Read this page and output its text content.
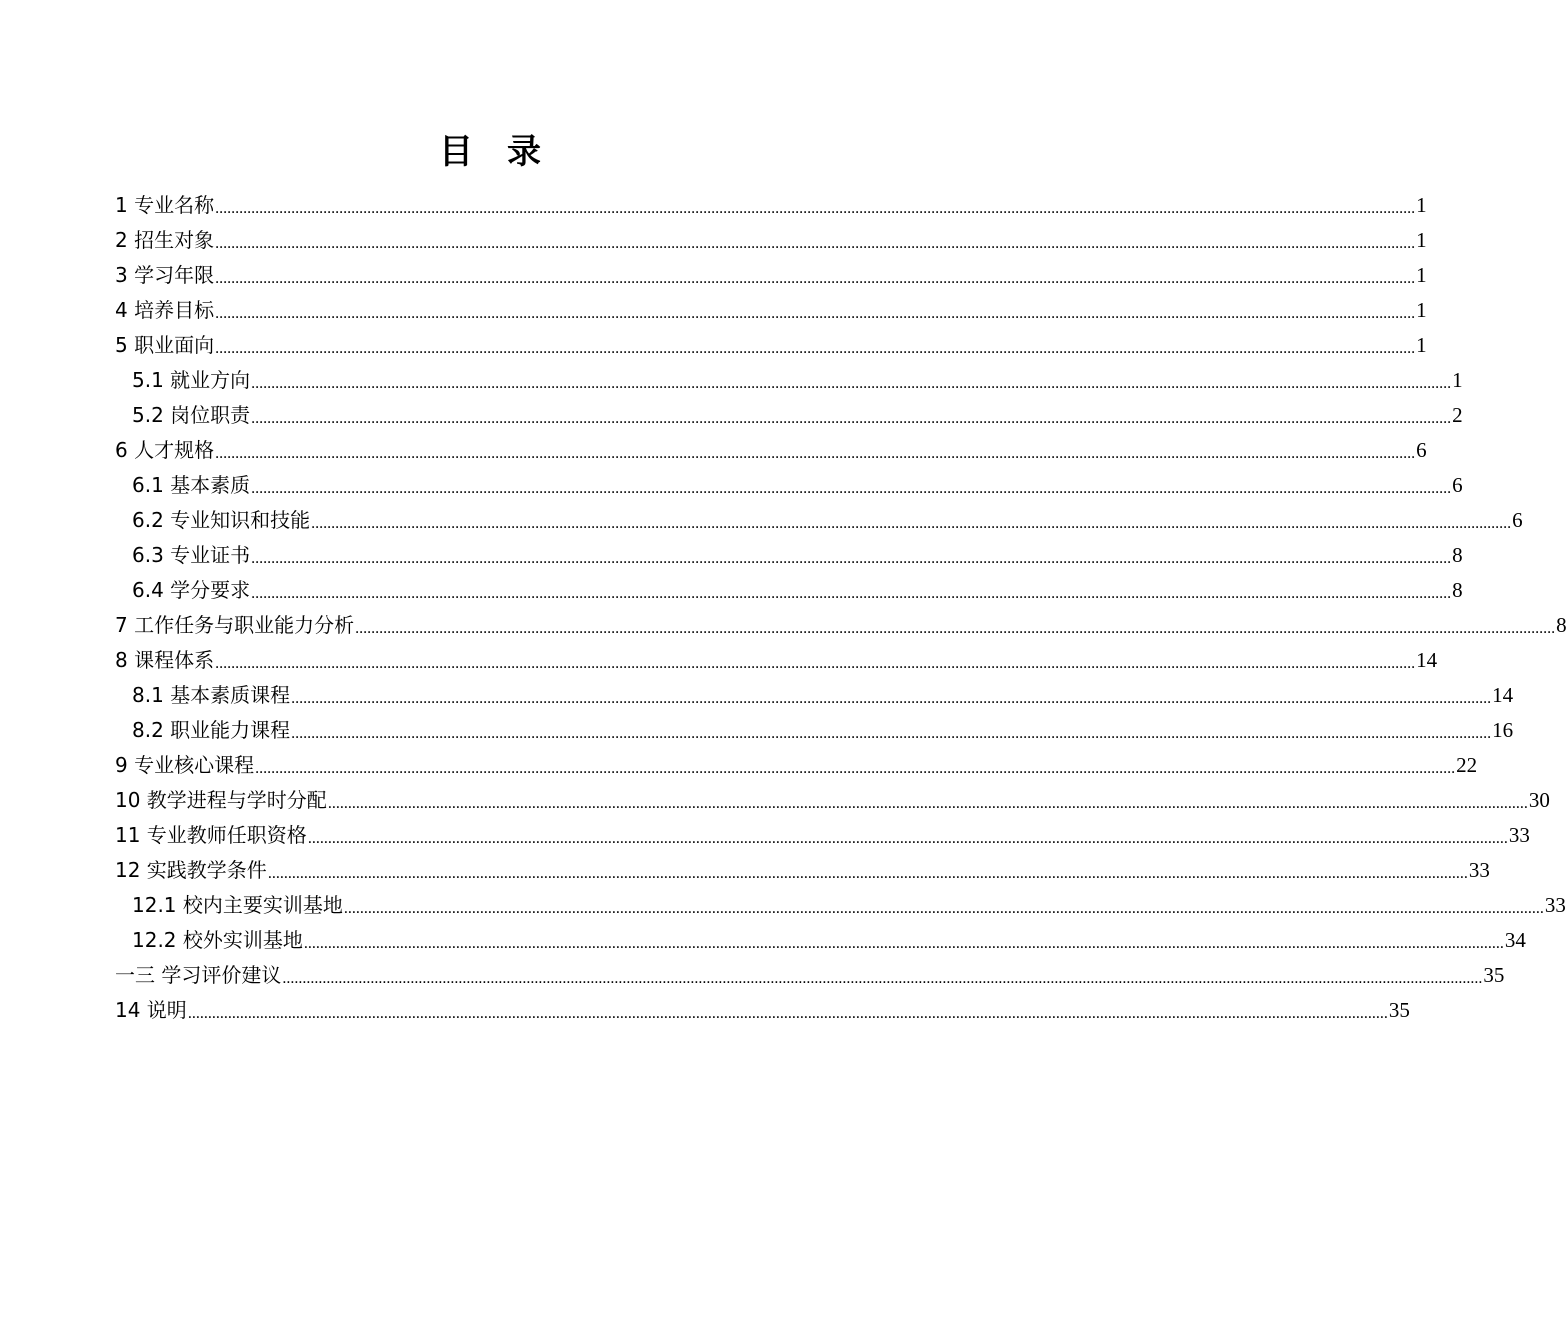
目　录
1 专业名称 ............................................................................................................................................................................................................................................................................................................ 1
2 招生对象 ............................................................................................................................................................................................................................................................................................................ 1
3 学习年限 ............................................................................................................................................................................................................................................................................................................ 1
4 培养目标 ............................................................................................................................................................................................................................................................................................................ 1
5 职业面向 ............................................................................................................................................................................................................................................................................................................ 1
5.1 就业方向 ............................................................................................................................................................................................................................................................................................................ 1
5.2 岗位职责 ............................................................................................................................................................................................................................................................................................................ 2
6 人才规格 ............................................................................................................................................................................................................................................................................................................ 6
6.1 基本素质 ............................................................................................................................................................................................................................................................................................................ 6
6.2 专业知识和技能 ............................................................................................................................................................................................................................................................................................................ 6
6.3 专业证书 ............................................................................................................................................................................................................................................................................................................ 8
6.4 学分要求 ............................................................................................................................................................................................................................................................................................................ 8
7 工作任务与职业能力分析 ............................................................................................................................................................................................................................................................................................................ 8
8 课程体系 ............................................................................................................................................................................................................................................................................................................ 14
8.1 基本素质课程 ............................................................................................................................................................................................................................................................................................................ 14
8.2 职业能力课程 ............................................................................................................................................................................................................................................................................................................ 16
9 专业核心课程 ............................................................................................................................................................................................................................................................................................................ 22
10 教学进程与学时分配 ............................................................................................................................................................................................................................................................................................................ 30
11 专业教师任职资格 ............................................................................................................................................................................................................................................................................................................ 33
12 实践教学条件 ............................................................................................................................................................................................................................................................................................................ 33
12.1 校内主要实训基地 ............................................................................................................................................................................................................................................................................................................ 33
12.2 校外实训基地 ............................................................................................................................................................................................................................................................................................................ 34
一三 学习评价建议 ............................................................................................................................................................................................................................................................................................................ 35
14 说明 ............................................................................................................................................................................................................................................................................................................ 35
